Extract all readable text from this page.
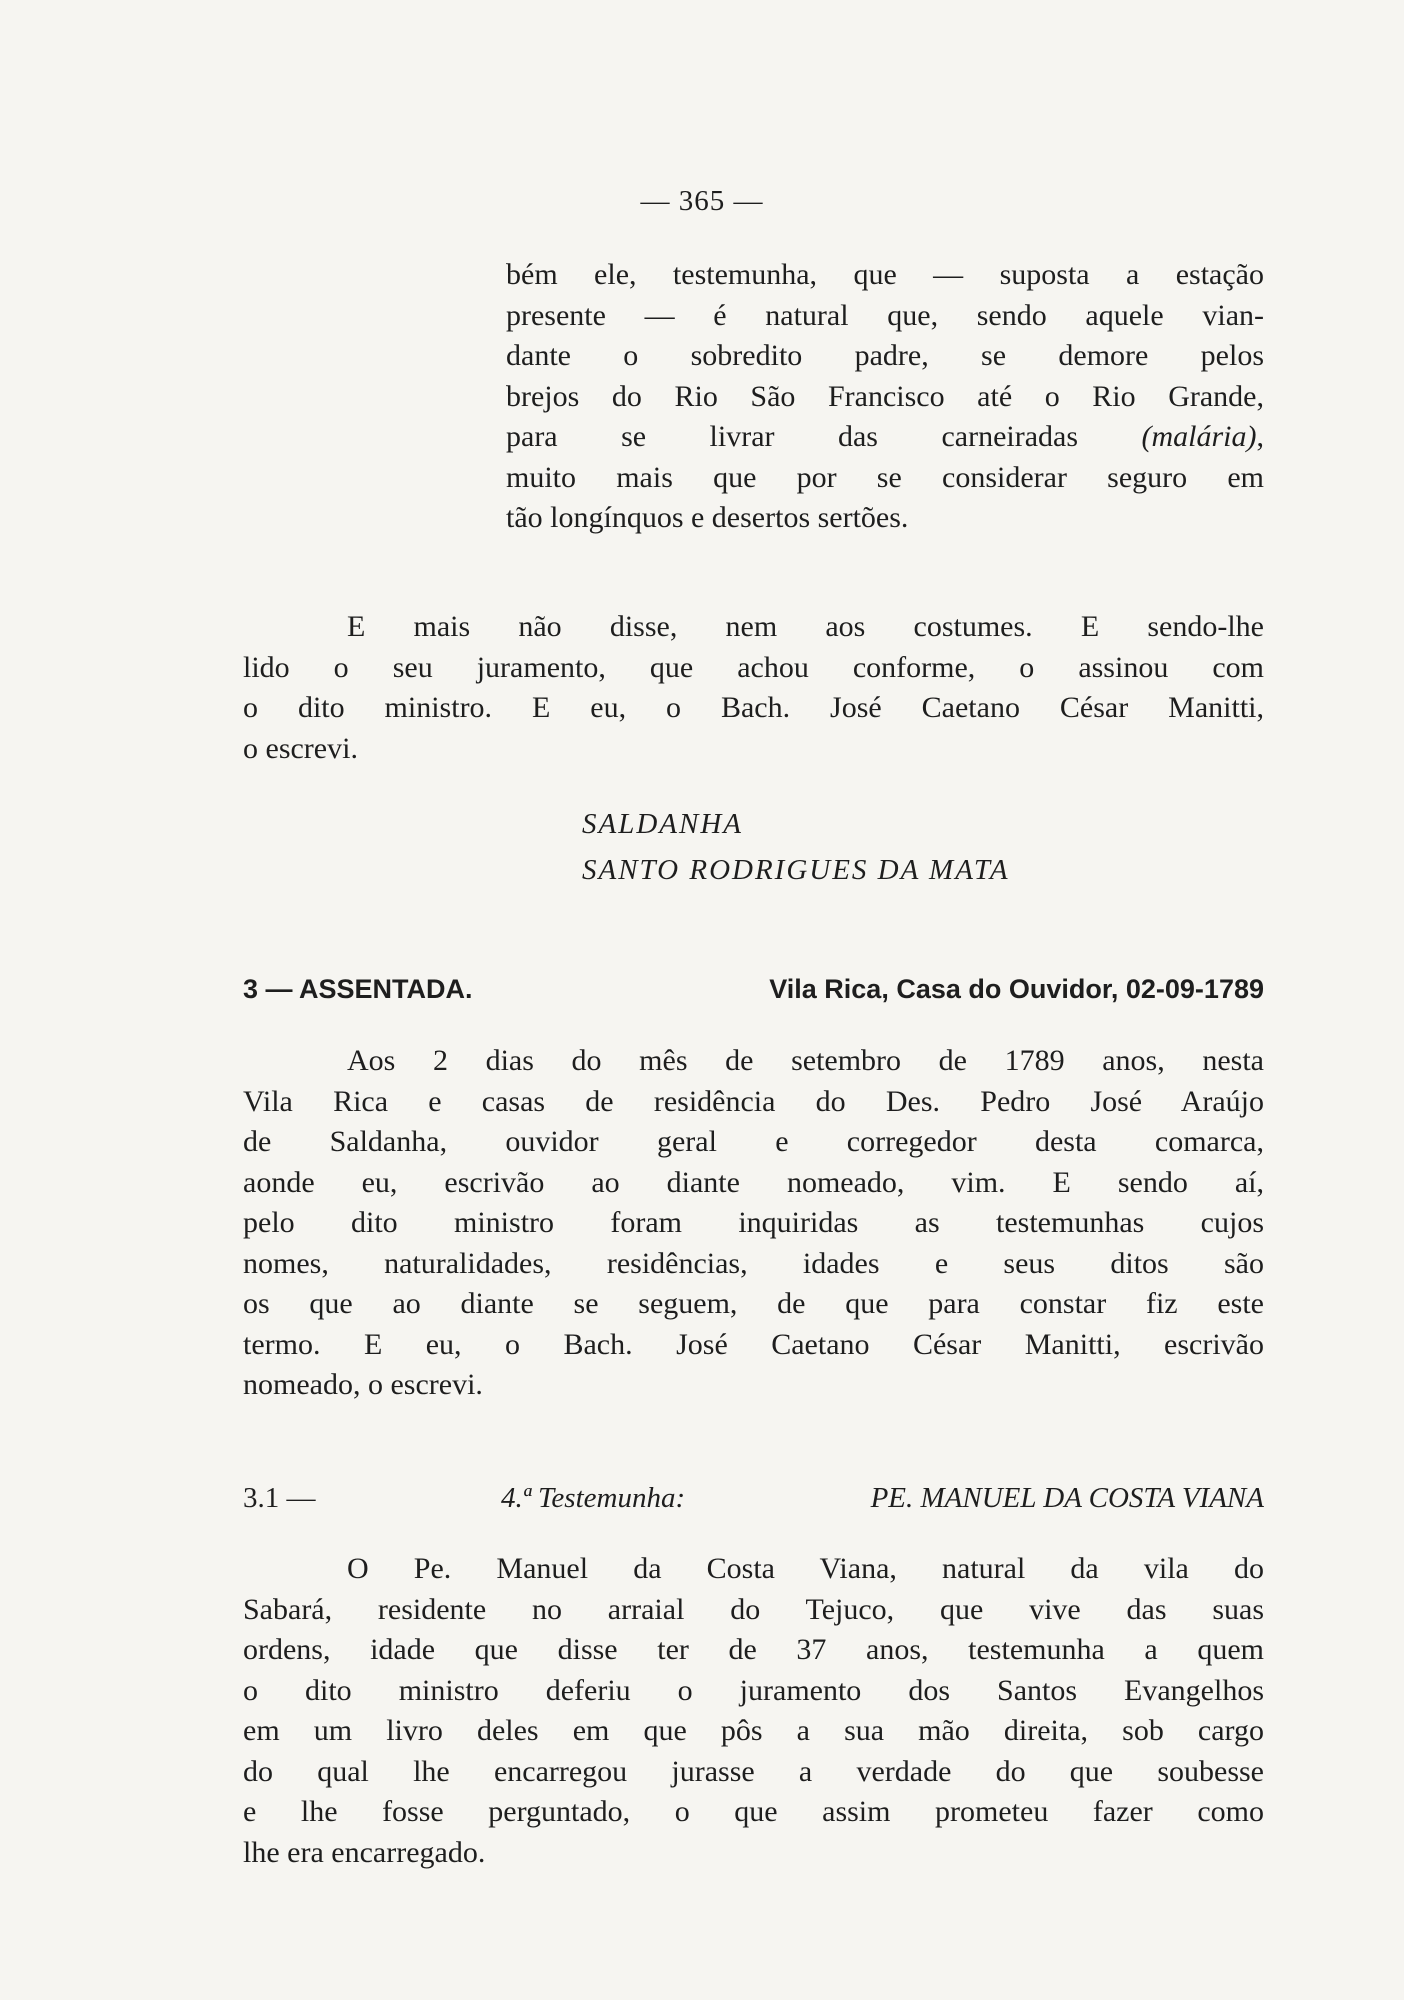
— 365 —
bém ele, testemunha, que — suposta a estação
presente — é natural que, sendo aquele vian-
dante o sobredito padre, se demore pelos
brejos do Rio São Francisco até o Rio Grande,
para se livrar das carneiradas (malária),
muito mais que por se considerar seguro em
tão longínquos e desertos sertões.
E mais não disse, nem aos costumes. E sendo-lhe
lido o seu juramento, que achou conforme, o assinou com
o dito ministro. E eu, o Bach. José Caetano César Manitti,
o escrevi.
SALDANHA
SANTO RODRIGUES DA MATA
3 — ASSENTADA.	Vila Rica, Casa do Ouvidor, 02-09-1789
Aos 2 dias do mês de setembro de 1789 anos, nesta
Vila Rica e casas de residência do Des. Pedro José Araújo
de Saldanha, ouvidor geral e corregedor desta comarca,
aonde eu, escrivão ao diante nomeado, vim. E sendo aí,
pelo dito ministro foram inquiridas as testemunhas cujos
nomes, naturalidades, residências, idades e seus ditos são
os que ao diante se seguem, de que para constar fiz este
termo. E eu, o Bach. José Caetano César Manitti, escrivão
nomeado, o escrevi.
3.1 —	4.ª Testemunha:	PE. MANUEL DA COSTA VIANA
O Pe. Manuel da Costa Viana, natural da vila do
Sabará, residente no arraial do Tejuco, que vive das suas
ordens, idade que disse ter de 37 anos, testemunha a quem
o dito ministro deferiu o juramento dos Santos Evangelhos
em um livro deles em que pôs a sua mão direita, sob cargo
do qual lhe encarregou jurasse a verdade do que soubesse
e lhe fosse perguntado, o que assim prometeu fazer como
lhe era encarregado.
